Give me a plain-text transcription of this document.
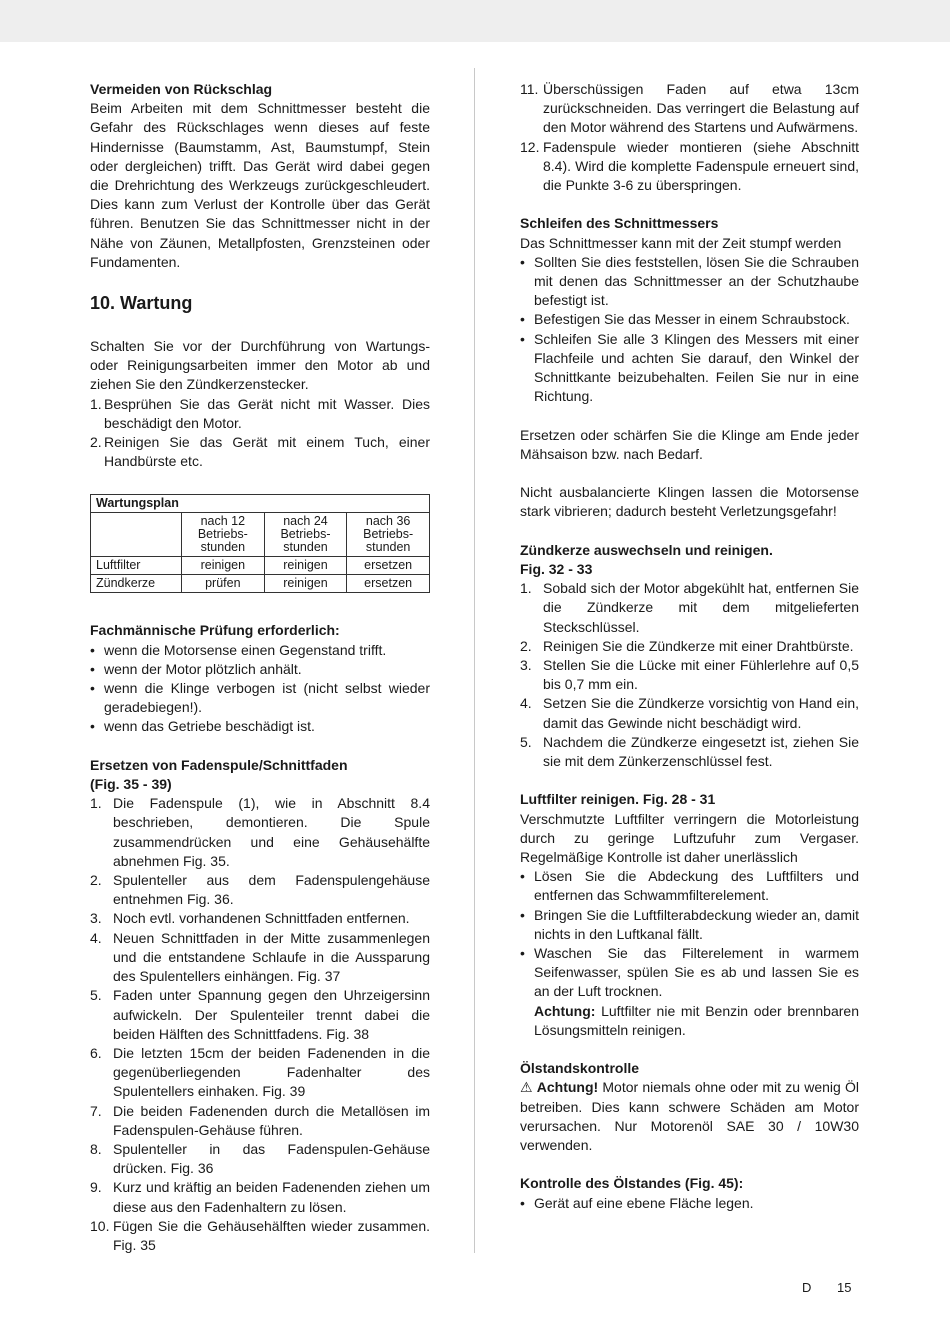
Vermeiden von Rückschlag

Beim Arbeiten mit dem Schnittmesser besteht die Gefahr des Rückschlages wenn dieses auf feste Hindernisse (Baumstamm, Ast, Baumstumpf, Stein oder dergleichen) trifft. Das Gerät wird dabei gegen die Drehrichtung des Werkzeugs zurückgeschleudert. Dies kann zum Verlust der Kontrolle über das Gerät führen. Benutzen Sie das Schnittmesser nicht in der Nähe von Zäunen, Metallpfosten, Grenzsteinen oder Fundamenten.

10. Wartung

Schalten Sie vor der Durchführung von Wartungs- oder Reinigungsarbeiten immer den Motor ab und ziehen Sie den Zündkerzenstecker.

1. Besprühen Sie das Gerät nicht mit Wasser. Dies beschädigt den Motor.
2. Reinigen Sie das Gerät mit einem Tuch, einer Handbürste etc.
Wartungsplan			
	nach 12 Betriebs- stunden	nach 24 Betriebs- stunden	nach 36 Betriebs- stunden
Luftfilter	reinigen	reinigen	ersetzen
Zündkerze	prüfen	reinigen	ersetzen

Fachmännische Prüfung erforderlich:

• wenn die Motorsense einen Gegenstand trifft.
• wenn der Motor plötzlich anhält.
• wenn die Klinge verbogen ist (nicht selbst wieder geradebiegen!).
• wenn das Getriebe beschädigt ist.

Ersetzen von Fadenspule/Schnittfaden

(Fig. 35 - 39)

1. Die Fadenspule (1), wie in Abschnitt 8.4 beschrieben, demontieren. Die Spule zusammendrücken und eine Gehäusehälfte abnehmen Fig. 35.
2. Spulenteller aus dem Fadenspulengehäuse entnehmen Fig. 36.
3. Noch evtl. vorhandenen Schnittfaden entfernen.
4. Neuen Schnittfaden in der Mitte zusammenlegen und die entstandene Schlaufe in die Aussparung des Spulentellers einhängen. Fig. 37
5. Faden unter Spannung gegen den Uhrzeigersinn aufwickeln. Der Spulenteiler trennt dabei die beiden Hälften des Schnittfadens. Fig. 38
6. Die letzten 15cm der beiden Fadenenden in die gegenüberliegenden Fadenhalter des Spulentellers einhaken. Fig. 39
7. Die beiden Fadenenden durch die Metallösen im Fadenspulen-Gehäuse führen.
8. Spulenteller in das Fadenspulen-Gehäuse drücken. Fig. 36
9. Kurz und kräftig an beiden Fadenenden ziehen um diese aus den Fadenhaltern zu lösen.
10. Fügen Sie die Gehäusehälften wieder zusammen. Fig. 35
11. Überschüssigen Faden auf etwa 13cm zurückschneiden. Das verringert die Belastung auf den Motor während des Startens und Aufwärmens.
12. Fadenspule wieder montieren (siehe Abschnitt 8.4). Wird die komplette Fadenspule erneuert sind, die Punkte 3-6 zu überspringen.

Schleifen des Schnittmessers

Das Schnittmesser kann mit der Zeit stumpf werden

• Sollten Sie dies feststellen, lösen Sie die Schrauben mit denen das Schnittmesser an der Schutzhaube befestigt ist.
• Befestigen Sie das Messer in einem Schraubstock.
• Schleifen Sie alle 3 Klingen des Messers mit einer Flachfeile und achten Sie darauf, den Winkel der Schnittkante beizubehalten. Feilen Sie nur in eine Richtung.

Ersetzen oder schärfen Sie die Klinge am Ende jeder Mähsaison bzw. nach Bedarf.

Nicht ausbalancierte Klingen lassen die Motorsense stark vibrieren; dadurch besteht Verletzungsgefahr!

Zündkerze auswechseln und reinigen.

Fig. 32 - 33

1. Sobald sich der Motor abgekühlt hat, entfernen Sie die Zündkerze mit dem mitgelieferten Steckschlüssel.
2. Reinigen Sie die Zündkerze mit einer Drahtbürste.
3. Stellen Sie die Lücke mit einer Fühlerlehre auf 0,5 bis 0,7 mm ein.
4. Setzen Sie die Zündkerze vorsichtig von Hand ein, damit das Gewinde nicht beschädigt wird.
5. Nachdem die Zündkerze eingesetzt ist, ziehen Sie sie mit dem Zünkerzenschlüssel fest.

Luftfilter reinigen. Fig. 28 - 31

Verschmutzte Luftfilter verringern die Motorleistung durch zu geringe Luftzufuhr zum Vergaser. Regelmäßige Kontrolle ist daher unerlässlich

• Lösen Sie die Abdeckung des Luftfilters und entfernen das Schwammfilterelement.
• Bringen Sie die Luftfilterabdeckung wieder an, damit nichts in den Luftkanal fällt.
• Waschen Sie das Filterelement in warmem Seifenwasser, spülen Sie es ab und lassen Sie es an der Luft trocknen.

Achtung: Luftfilter nie mit Benzin oder brennbaren Lösungsmitteln reinigen.

Ölstandskontrolle

⚠ Achtung! Motor niemals ohne oder mit zu wenig Öl betreiben. Dies kann schwere Schäden am Motor verursachen. Nur Motorenöl SAE 30 / 10W30 verwenden.

Kontrolle des Ölstandes (Fig. 45):

• Gerät auf eine ebene Fläche legen.
D 15
